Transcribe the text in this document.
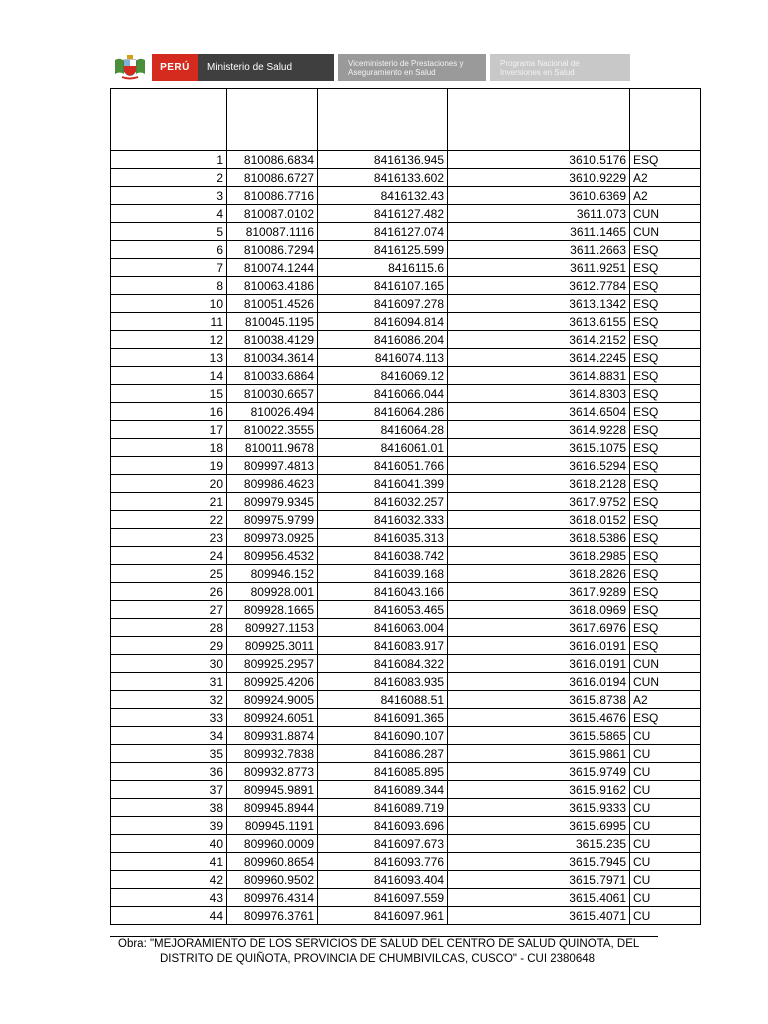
PERÚ	Ministerio de Salud	Viceministerio de Prestaciones y
Aseguramiento en Salud
Programa Nacional de
Inversiones en Salud

1	810086.6834	8416136.945	3610.5176	ESQ
2	810086.6727	8416133.602	3610.9229	A2
3	810086.7716	8416132.43	3610.6369	A2
4	810087.0102	8416127.482	3611.073	CUN
5	810087.1116	8416127.074	3611.1465	CUN
6	810086.7294	8416125.599	3611.2663	ESQ
7	810074.1244	8416115.6	3611.9251	ESQ
8	810063.4186	8416107.165	3612.7784	ESQ
10	810051.4526	8416097.278	3613.1342	ESQ
11	810045.1195	8416094.814	3613.6155	ESQ
12	810038.4129	8416086.204	3614.2152	ESQ
13	810034.3614	8416074.113	3614.2245	ESQ
14	810033.6864	8416069.12	3614.8831	ESQ
15	810030.6657	8416066.044	3614.8303	ESQ
16	810026.494	8416064.286	3614.6504	ESQ
17	810022.3555	8416064.28	3614.9228	ESQ
18	810011.9678	8416061.01	3615.1075	ESQ
19	809997.4813	8416051.766	3616.5294	ESQ
20	809986.4623	8416041.399	3618.2128	ESQ
21	809979.9345	8416032.257	3617.9752	ESQ
22	809975.9799	8416032.333	3618.0152	ESQ
23	809973.0925	8416035.313	3618.5386	ESQ
24	809956.4532	8416038.742	3618.2985	ESQ
25	809946.152	8416039.168	3618.2826	ESQ
26	809928.001	8416043.166	3617.9289	ESQ
27	809928.1665	8416053.465	3618.0969	ESQ
28	809927.1153	8416063.004	3617.6976	ESQ
29	809925.3011	8416083.917	3616.0191	ESQ
30	809925.2957	8416084.322	3616.0191	CUN
31	809925.4206	8416083.935	3616.0194	CUN
32	809924.9005	8416088.51	3615.8738	A2
33	809924.6051	8416091.365	3615.4676	ESQ
34	809931.8874	8416090.107	3615.5865	CU
35	809932.7838	8416086.287	3615.9861	CU
36	809932.8773	8416085.895	3615.9749	CU
37	809945.9891	8416089.344	3615.9162	CU
38	809945.8944	8416089.719	3615.9333	CU
39	809945.1191	8416093.696	3615.6995	CU
40	809960.0009	8416097.673	3615.235	CU
41	809960.8654	8416093.776	3615.7945	CU
42	809960.9502	8416093.404	3615.7971	CU
43	809976.4314	8416097.559	3615.4061	CU
44	809976.3761	8416097.961	3615.4071	CU
Obra: "MEJORAMIENTO DE LOS SERVICIOS DE SALUD DEL CENTRO DE SALUD QUINOTA, DEL
DISTRITO DE QUIÑOTA, PROVINCIA DE CHUMBIVILCAS, CUSCO" - CUI 2380648
